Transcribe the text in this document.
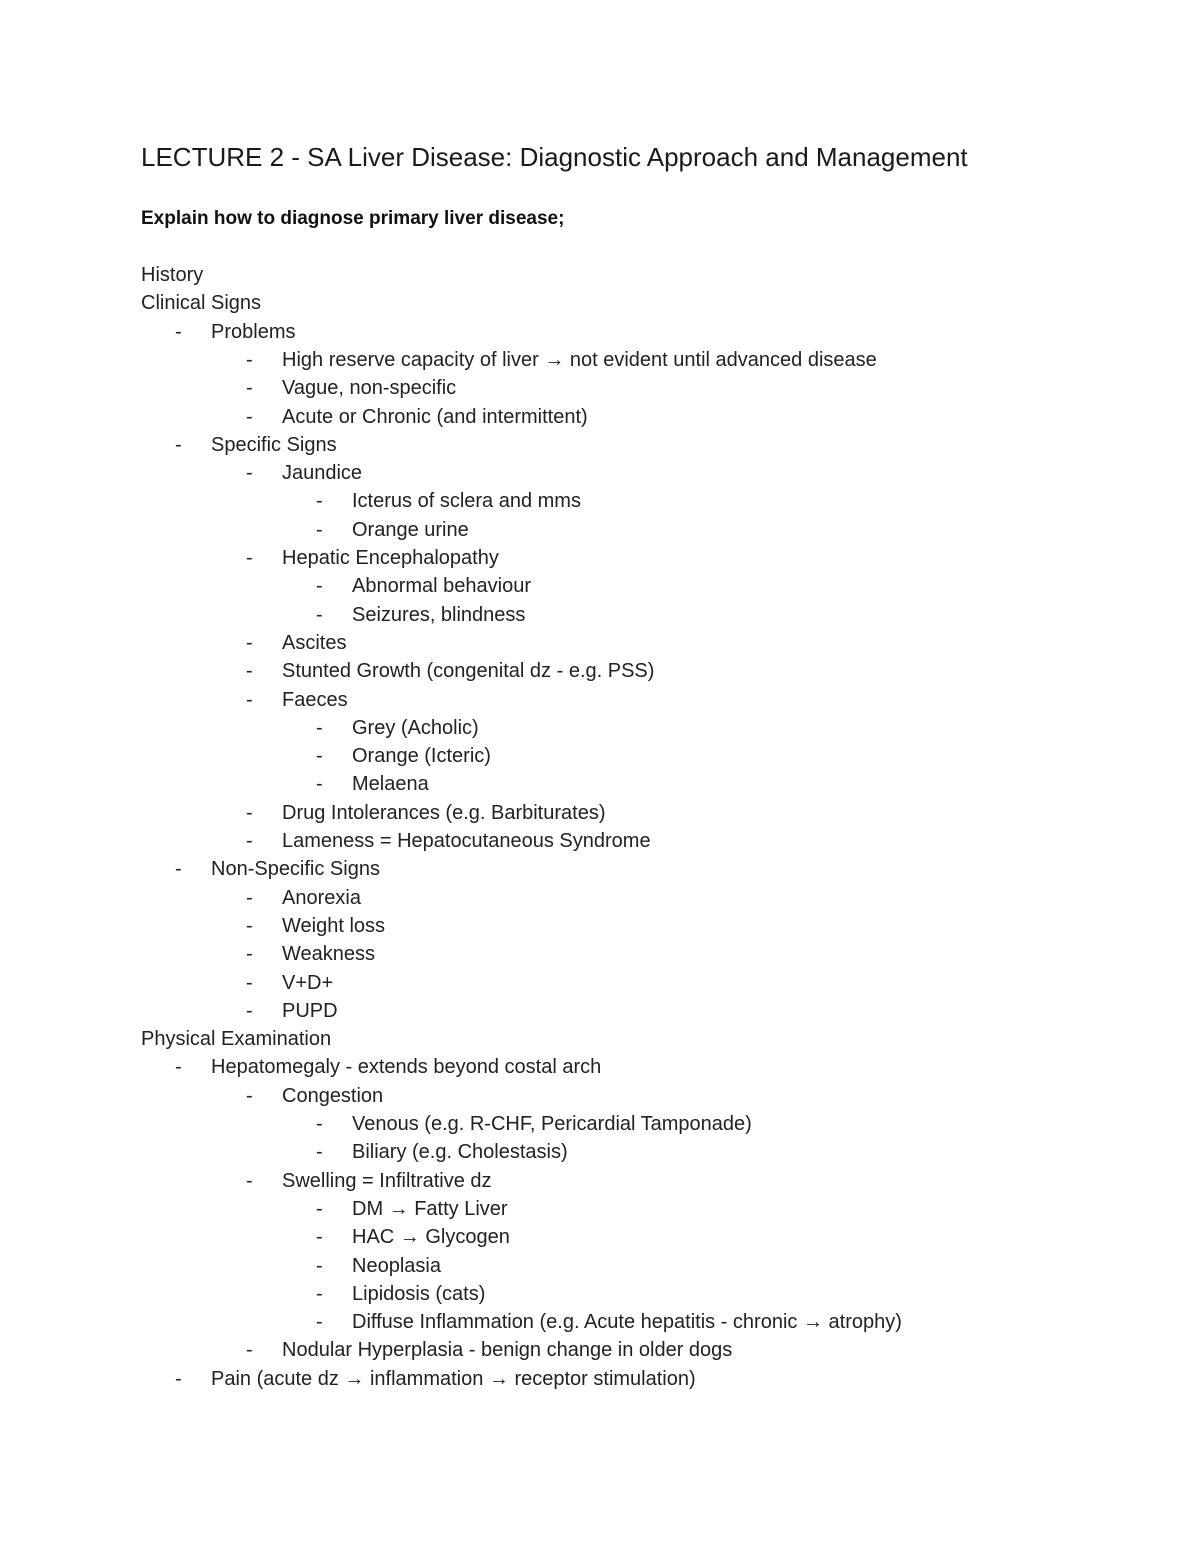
LECTURE 2 - SA Liver Disease: Diagnostic Approach and Management
Explain how to diagnose primary liver disease;
History
Clinical Signs
- Problems
- High reserve capacity of liver → not evident until advanced disease
- Vague, non-specific
- Acute or Chronic (and intermittent)
- Specific Signs
- Jaundice
- Icterus of sclera and mms
- Orange urine
- Hepatic Encephalopathy
- Abnormal behaviour
- Seizures, blindness
- Ascites
- Stunted Growth (congenital dz - e.g. PSS)
- Faeces
- Grey (Acholic)
- Orange (Icteric)
- Melaena
- Drug Intolerances (e.g. Barbiturates)
- Lameness = Hepatocutaneous Syndrome
- Non-Specific Signs
- Anorexia
- Weight loss
- Weakness
- V+D+
- PUPD
Physical Examination
- Hepatomegaly - extends beyond costal arch
- Congestion
- Venous (e.g. R-CHF, Pericardial Tamponade)
- Biliary (e.g. Cholestasis)
- Swelling = Infiltrative dz
- DM → Fatty Liver
- HAC → Glycogen
- Neoplasia
- Lipidosis (cats)
- Diffuse Inflammation (e.g. Acute hepatitis - chronic → atrophy)
- Nodular Hyperplasia - benign change in older dogs
- Pain (acute dz → inflammation → receptor stimulation)
